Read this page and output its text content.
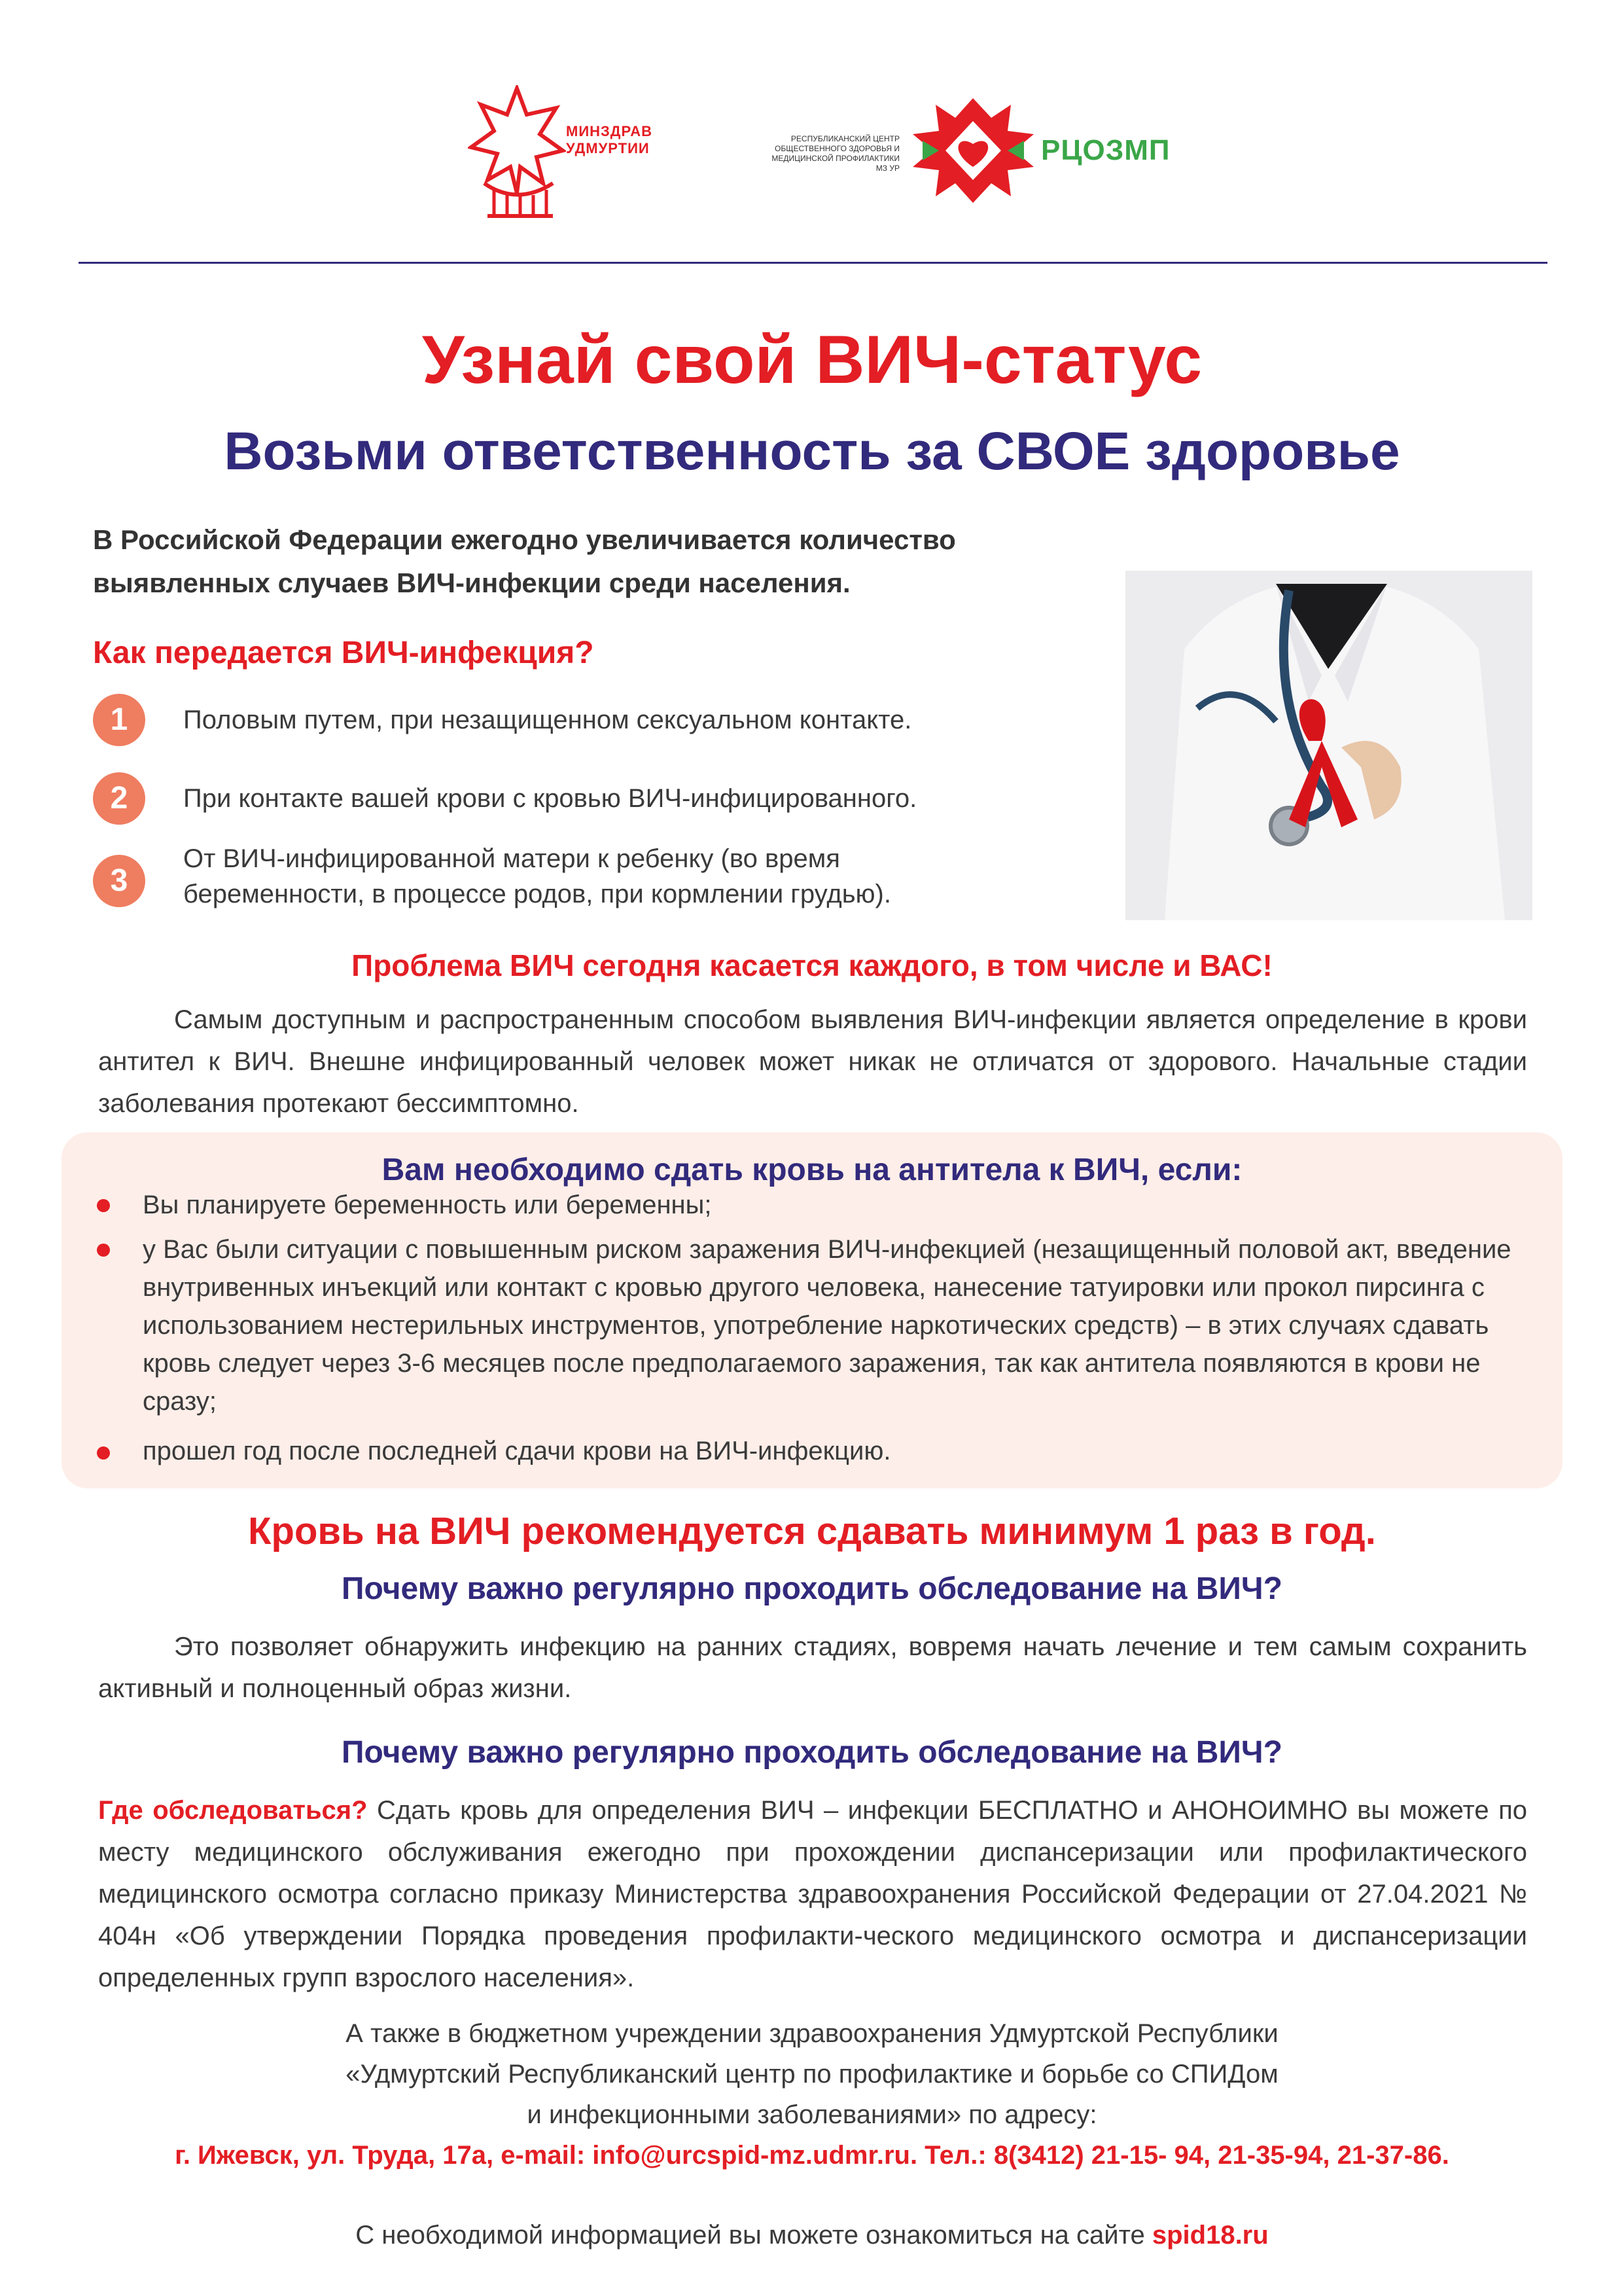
МИНЗДРАВ
УДМУРТИИ
РЕСПУБЛИКАНСКИЙ ЦЕНТР ОБЩЕСТВЕННОГО ЗДОРОВЬЯ И МЕДИЦИНСКОЙ ПРОФИЛАКТИКИ МЗ УР
РЦОЗМП
Узнай свой ВИЧ-статус
Возьми ответственность за СВОЕ здоровье
В Российской Федерации ежегодно увеличивается количество
выявленных случаев ВИЧ-инфекции среди населения.
Как передается ВИЧ-инфекция?
1	Половым путем, при незащищенном сексуальном контакте.
2	При контакте вашей крови с кровью ВИЧ-инфицированного.
3
От ВИЧ-инфицированной матери к ребенку (во время
беременности, в процессе родов, при кормлении грудью).
Проблема ВИЧ сегодня касается каждого, в том числе и ВАС!
Самым доступным и распространенным способом выявления ВИЧ-инфекции является определение в крови антител к ВИЧ. Внешне инфицированный человек может никак не отличатся от здорового. Начальные стадии заболевания протекают бессимптомно.
Вам необходимо сдать кровь на антитела к ВИЧ, если:
Вы планируете беременность или беременны;
у Вас были ситуации с повышенным риском заражения ВИЧ-инфекцией (незащищенный половой акт, введение внутривенных инъекций или контакт с кровью другого человека, нанесение татуировки или прокол пирсинга с использованием нестерильных инструментов, употребление наркотических средств) – в этих случаях сдавать кровь следует через 3-6 месяцев после предполагаемого заражения, так как антитела появляются в крови не сразу;
прошел год после последней сдачи крови на ВИЧ-инфекцию.
Кровь на ВИЧ рекомендуется сдавать минимум 1 раз в год.
Почему важно регулярно проходить обследование на ВИЧ?
Это позволяет обнаружить инфекцию на ранних стадиях, вовремя начать лечение и тем самым сохранить активный и полноценный образ жизни.
Почему важно регулярно проходить обследование на ВИЧ?
Где обследоваться? Сдать кровь для определения ВИЧ – инфекции БЕСПЛАТНО и АНОНОИМНО вы можете по месту медицинского обслуживания ежегодно при прохождении диспансеризации или профилактического медицинского осмотра согласно приказу Министерства здравоохранения Российской Федерации от 27.04.2021 № 404н «Об утверждении Порядка проведения профилакти-ческого медицинского осмотра и диспансеризации определенных групп взрослого населения».
А также в бюджетном учреждении здравоохранения Удмуртской Республики
«Удмуртский Республиканский центр по профилактике и борьбе со СПИДом
и инфекционными заболеваниями» по адресу:
г. Ижевск, ул. Труда, 17а, e-mail: info@urcspid-mz.udmr.ru. Тел.: 8(3412) 21-15- 94, 21-35-94, 21-37-86.
С необходимой информацией вы можете ознакомиться на сайте spid18.ru
